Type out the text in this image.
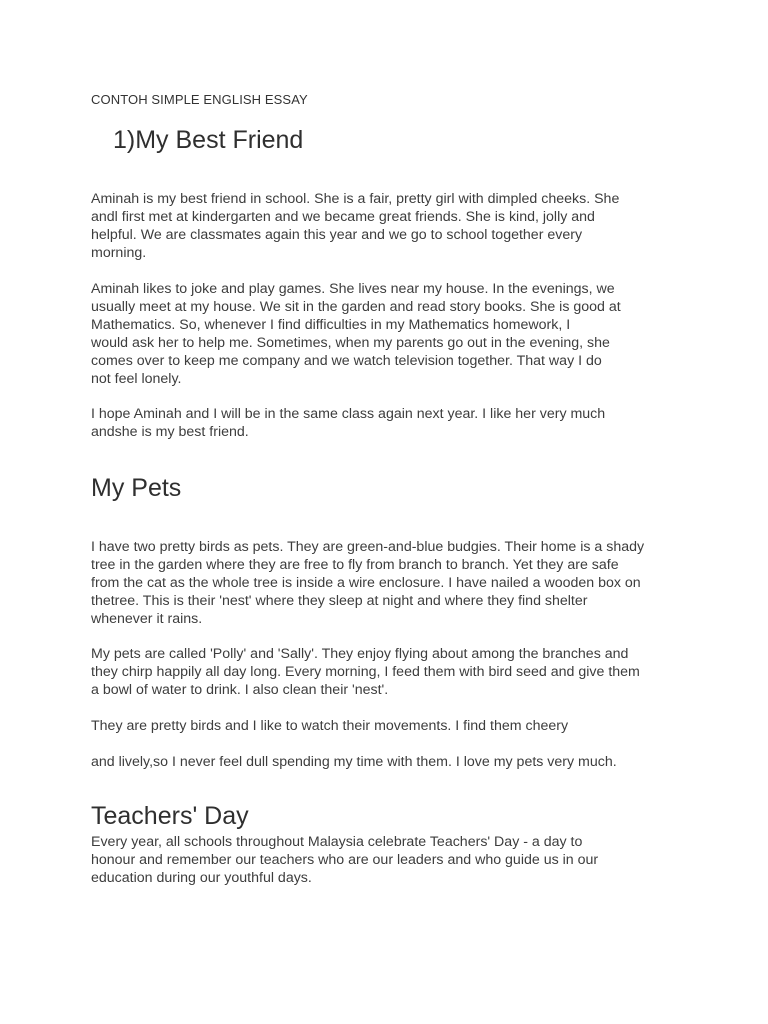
CONTOH SIMPLE ENGLISH ESSAY
1)My Best Friend

Aminah is my best friend in school. She is a fair, pretty girl with dimpled cheeks. She
andl first met at kindergarten and we became great friends. She is kind, jolly and
helpful. We are classmates again this year and we go to school together every
morning.

Aminah likes to joke and play games. She lives near my house. In the evenings, we
usually meet at my house. We sit in the garden and read story books. She is good at
Mathematics. So, whenever I find difficulties in my Mathematics homework, I
would ask her to help me. Sometimes, when my parents go out in the evening, she
comes over to keep me company and we watch television together. That way I do
not feel lonely.

I hope Aminah and I will be in the same class again next year. I like her very much
andshe is my best friend.

My Pets

I have two pretty birds as pets. They are green-and-blue budgies. Their home is a shady
tree in the garden where they are free to fly from branch to branch. Yet they are safe
from the cat as the whole tree is inside a wire enclosure. I have nailed a wooden box on
thetree. This is their 'nest' where they sleep at night and where they find shelter
whenever it rains.

My pets are called 'Polly' and 'Sally'. They enjoy flying about among the branches and
they chirp happily all day long. Every morning, I feed them with bird seed and give them
a bowl of water to drink. I also clean their 'nest'.

They are pretty birds and I like to watch their movements. I find them cheery

and lively,so I never feel dull spending my time with them. I love my pets very much.

Teachers' Day

Every year, all schools throughout Malaysia celebrate Teachers' Day - a day to
honour and remember our teachers who are our leaders and who guide us in our
education during our youthful days.
